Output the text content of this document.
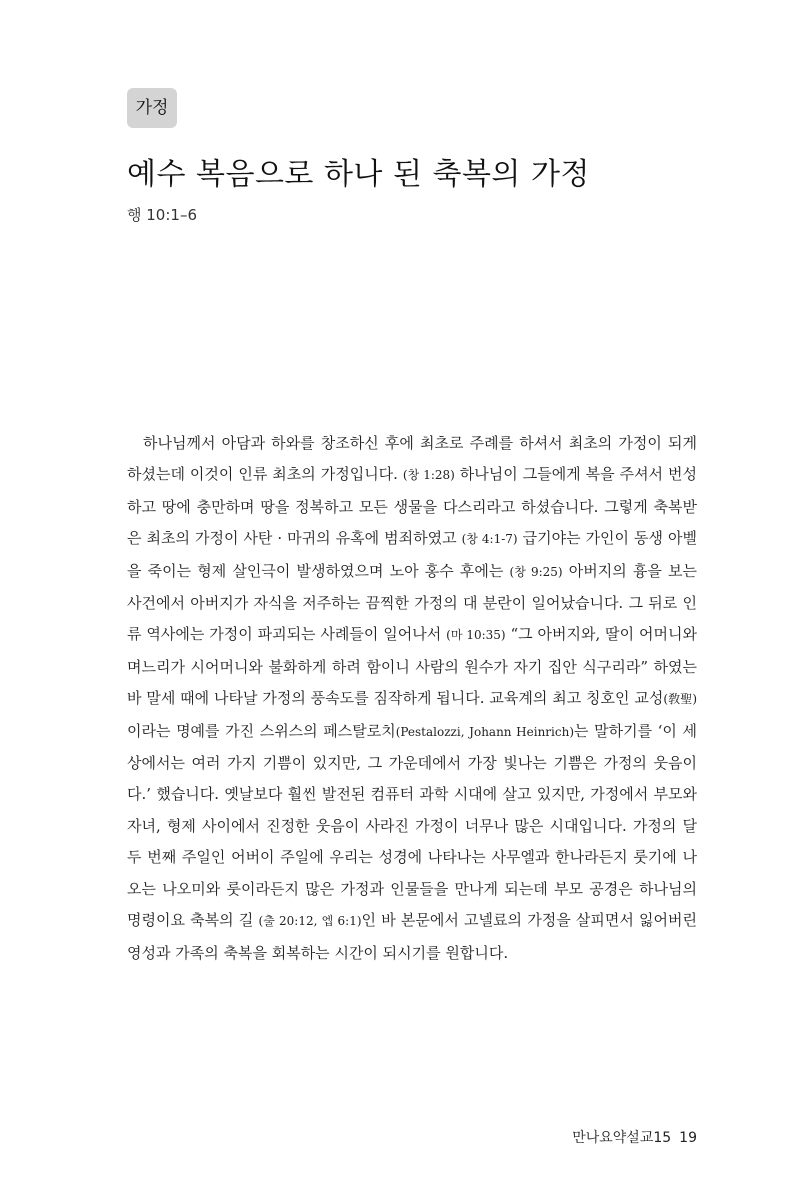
가정
예수 복음으로 하나 된 축복의 가정
행 10:1–6

하나님께서 아담과 하와를 창조하신 후에 최초로 주례를 하셔서 최초의 가정이 되게 하셨는데 이것이 인류 최초의 가정입니다. (창 1:28) 하나님이 그들에게 복을 주셔서 번성하고 땅에 충만하며 땅을 정복하고 모든 생물을 다스리라고 하셨습니다. 그렇게 축복받은 최초의 가정이 사탄 · 마귀의 유혹에 범죄하였고 (창 4:1-7) 급기야는 가인이 동생 아벨을 죽이는 형제 살인극이 발생하였으며 노아 홍수 후에는 (창 9:25) 아버지의 흉을 보는 사건에서 아버지가 자식을 저주하는 끔찍한 가정의 대 분란이 일어났습니다. 그 뒤로 인류 역사에는 가정이 파괴되는 사례들이 일어나서 (마 10:35) “그 아버지와, 딸이 어머니와 며느리가 시어머니와 불화하게 하려 함이니 사람의 원수가 자기 집안 식구리라” 하였는바 말세 때에 나타날 가정의 풍속도를 짐작하게 됩니다. 교육계의 최고 칭호인 교성(敎聖)이라는 명예를 가진 스위스의 페스탈로치(Pestalozzi, Johann Heinrich)는 말하기를 ‘이 세상에서는 여러 가지 기쁨이 있지만, 그 가운데에서 가장 빛나는 기쁨은 가정의 웃음이다.’ 했습니다. 옛날보다 훨씬 발전된 컴퓨터 과학 시대에 살고 있지만, 가정에서 부모와 자녀, 형제 사이에서 진정한 웃음이 사라진 가정이 너무나 많은 시대입니다. 가정의 달 두 번째 주일인 어버이 주일에 우리는 성경에 나타나는 사무엘과 한나라든지 룻기에 나오는 나오미와 룻이라든지 많은 가정과 인물들을 만나게 되는데 부모 공경은 하나님의 명령이요 축복의 길 (출 20:12, 엡 6:1)인 바 본문에서 고넬료의 가정을 살피면서 잃어버린 영성과 가족의 축복을 회복하는 시간이 되시기를 원합니다.

만나요약설교15 19
